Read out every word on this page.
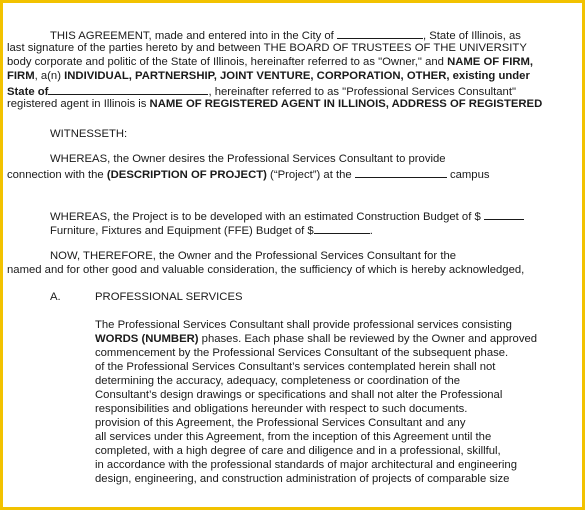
THIS AGREEMENT, made and entered into in the City of	, State of Illinois, as
last signature of the parties hereto by and between THE BOARD OF TRUSTEES OF THE UNIVERSITY
body corporate and politic of the State of Illinois, hereinafter referred to as "Owner," and NAME OF FIRM,
FIRM, a(n) INDIVIDUAL, PARTNERSHIP, JOINT VENTURE, CORPORATION, OTHER, existing under
State of	, hereinafter referred to as "Professional Services Consultant"
registered agent in Illinois is NAME OF REGISTERED AGENT IN ILLINOIS, ADDRESS OF REGISTERED
WITNESSETH:
WHEREAS, the Owner desires the Professional Services Consultant to provide
connection with the (DESCRIPTION OF PROJECT) (“Project”) at the	campus
WHEREAS, the Project is to be developed with an estimated Construction Budget of $
Furniture, Fixtures and Equipment (FFE) Budget of $	.
NOW, THEREFORE, the Owner and the Professional Services Consultant for the
named and for other good and valuable consideration, the sufficiency of which is hereby acknowledged,
A.	PROFESSIONAL SERVICES
The Professional Services Consultant shall provide professional services consisting
WORDS (NUMBER) phases. Each phase shall be reviewed by the Owner and approved
commencement by the Professional Services Consultant of the subsequent phase.
of the Professional Services Consultant’s services contemplated herein shall not
determining the accuracy, adequacy, completeness or coordination of the
Consultant’s design drawings or specifications and shall not alter the Professional
responsibilities and obligations hereunder with respect to such documents.
provision of this Agreement, the Professional Services Consultant and any
all services under this Agreement, from the inception of this Agreement until the
completed, with a high degree of care and diligence and in a professional, skillful,
in accordance with the professional standards of major architectural and engineering
design, engineering, and construction administration of projects of comparable size
